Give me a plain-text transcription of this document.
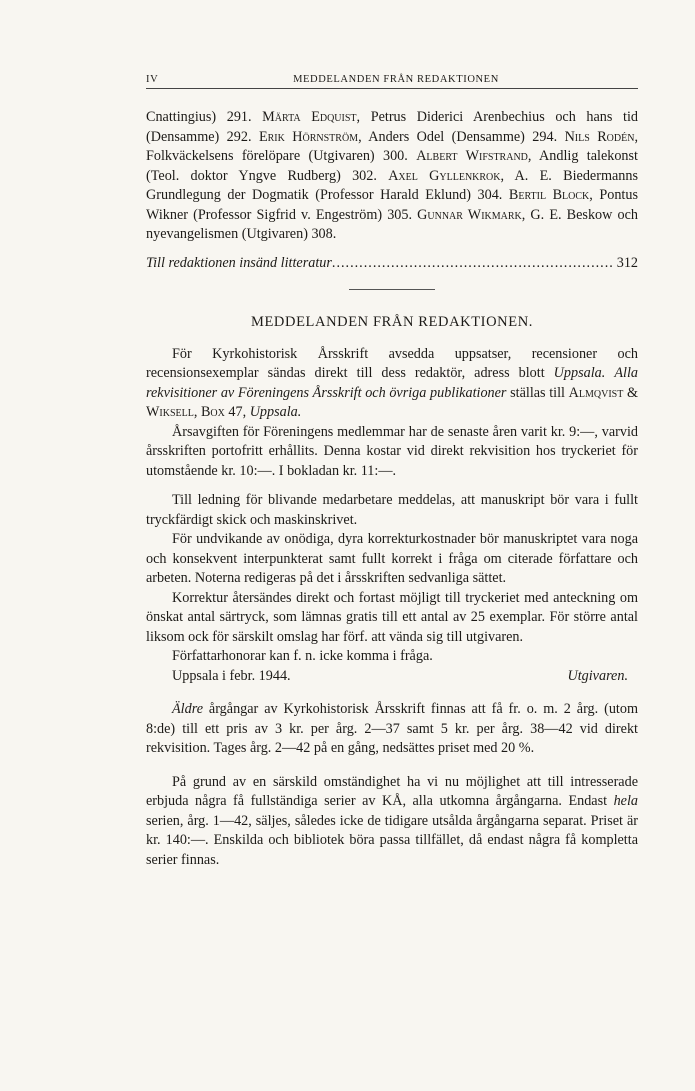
IV	MEDDELANDEN FRÅN REDAKTIONEN

Cnattingius) 291. Märta Edquist, Petrus Diderici Arenbechius och hans tid (Densamme) 292. Erik Hörnström, Anders Odel (Densamme) 294. Nils Rodén, Folkväckelsens förelöpare (Utgivaren) 300. Albert Wifstrand, Andlig talekonst (Teol. doktor Yngve Rudberg) 302. Axel Gyllenkrok, A. E. Biedermanns Grundlegung der Dogmatik (Professor Harald Eklund) 304. Bertil Block, Pontus Wikner (Professor Sigfrid v. Engeström) 305. Gunnar Wikmark, G. E. Beskow och nyevangelismen (Utgivaren) 308.

Till redaktionen insänd litteratur
.....	312
MEDDELANDEN FRÅN REDAKTIONEN.

För Kyrkohistorisk Årsskrift avsedda uppsatser, recensioner och recensionsexemplar sändas direkt till dess redaktör, adress blott Uppsala. Alla rekvisitioner av Föreningens Årsskrift och övriga publikationer ställas till Almqvist & Wiksell, Box 47, Uppsala.

Årsavgiften för Föreningens medlemmar har de senaste åren varit kr. 9:—, varvid årsskriften portofritt erhållits. Denna kostar vid direkt rekvisition hos tryckeriet för utomstående kr. 10:—. I bokladan kr. 11:—.

Till ledning för blivande medarbetare meddelas, att manuskript bör vara i fullt tryckfärdigt skick och maskinskrivet.

För undvikande av onödiga, dyra korrekturkostnader bör manuskriptet vara noga och konsekvent interpunkterat samt fullt korrekt i fråga om citerade författare och arbeten. Noterna redigeras på det i årsskriften sedvanliga sättet.

Korrektur återsändes direkt och fortast möjligt till tryckeriet med anteckning om önskat antal särtryck, som lämnas gratis till ett antal av 25 exemplar. För större antal liksom ock för särskilt omslag har förf. att vända sig till utgivaren.

Författarhonorar kan f. n. icke komma i fråga.

Uppsala i febr. 1944.	Utgivaren.

Äldre årgångar av Kyrkohistorisk Årsskrift finnas att få fr. o. m. 2 årg. (utom 8:de) till ett pris av 3 kr. per årg. 2—37 samt 5 kr. per årg. 38—42 vid direkt rekvisition. Tages årg. 2—42 på en gång, nedsättes priset med 20 %.

På grund av en särskild omständighet ha vi nu möjlighet att till intresserade erbjuda några få fullständiga serier av KÅ, alla utkomna årgångarna. Endast hela serien, årg. 1—42, säljes, således icke de tidigare utsålda årgångarna separat. Priset är kr. 140:—. Enskilda och bibliotek böra passa tillfället, då endast några få kompletta serier finnas.
